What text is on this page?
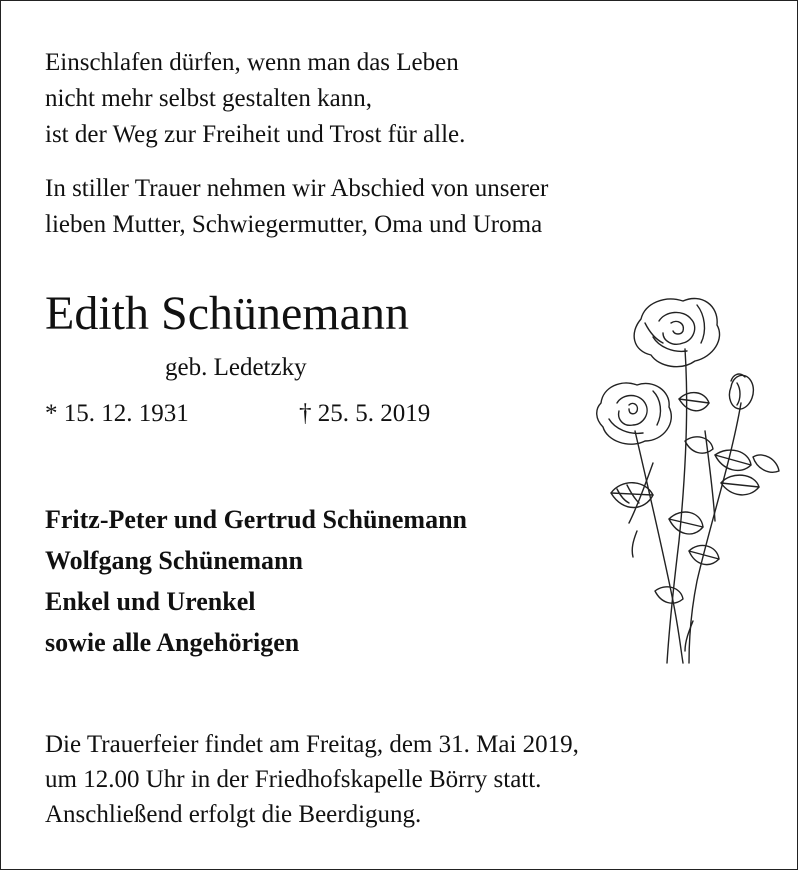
Einschlafen dürfen, wenn man das Leben
nicht mehr selbst gestalten kann,
ist der Weg zur Freiheit und Trost für alle.
In stiller Trauer nehmen wir Abschied von unserer
lieben Mutter, Schwiegermutter, Oma und Uroma
Edith Schünemann
geb. Ledetzky
* 15. 12. 1931	† 25. 5. 2019
Fritz-Peter und Gertrud Schünemann
Wolfgang Schünemann
Enkel und Urenkel
sowie alle Angehörigen
Die Trauerfeier findet am Freitag, dem 31. Mai 2019,
um 12.00 Uhr in der Friedhofskapelle Börry statt.
Anschließend erfolgt die Beerdigung.
